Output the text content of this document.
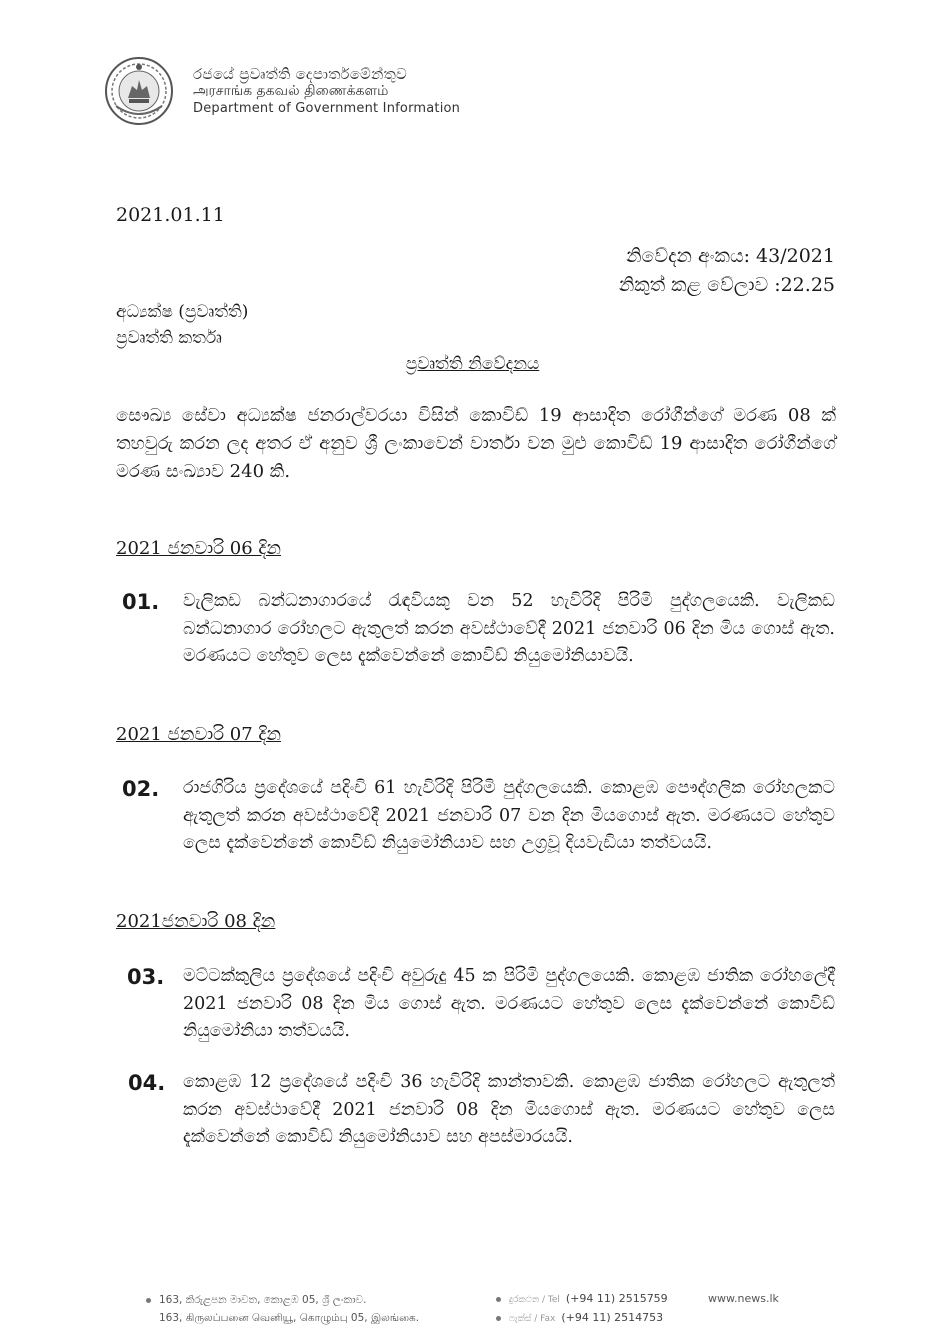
රජයේ ප්‍රවෘත්ති දෙපාර්තමේන්තුව
அரசாங்க தகவல் திணைக்களம்
Department of Government Information
2021.01.11
නිවේදන අංකය: 43/2021
නිකුත් කළ වේලාව :22.25
අධ්‍යක්ෂ (ප්‍රවෘත්ති)
ප්‍රවෘත්ති කර්තෘ
ප්‍රවෘත්ති නිවේදනය
සෞඛ්‍ය සේවා අධ්‍යක්ෂ ජනරාල්වරයා විසින් කොවිඩ් 19 ආසාදිත රෝගීන්ගේ මරණ 08 ක් තහවුරු කරන ලද අතර ඒ අනුව ශ්‍රී ලංකාවෙන් වාර්තා වන මුළු කොවිඩ් 19 ආසාදිත රෝගීන්ගේ මරණ සංඛ්‍යාව 240 කි.
2021 ජනවාරි 06 දින
01. වැලිකඩ බන්ධනාගාරයේ රැඳවියකු වන 52 හැවිරිදි පිරිමි පුද්ගලයෙකි. වැලිකඩ බන්ධනාගාර රෝහලට ඇතුලත් කරන අවස්ථාවේදී 2021 ජනවාරි 06 දින මිය ගොස් ඇත. මරණයට හේතුව ලෙස දැක්වෙන්නේ කොවිඩ් නියුමෝනියාවයි.
2021 ජනවාරි 07 දින
02. රාජගිරිය ප්‍රදේශයේ පදිංචි 61 හැවිරිදි පිරිමි පුද්ගලයෙකි. කොළඹ පෞද්ගලික රෝහලකට ඇතුලත් කරන අවස්ථාවේදී 2021 ජනවාරි 07 වන දින මියගොස් ඇත. මරණයට හේතුව ලෙස දැක්වෙන්නේ කොවිඩ් නියුමෝනියාව සහ උග්‍රවූ දියවැඩියා තත්වයයි.
2021ජනවාරි 08 දින
03. මට්ටක්කුලිය ප්‍රදේශයේ පදිංචි අවුරුදු 45 ක පිරිමි පුද්ගලයෙකි. කොළඹ ජාතික රෝහලේදී 2021 ජනවාරි 08 දින මිය ගොස් ඇත. මරණයට හේතුව ලෙස දැක්වෙන්නේ කොවිඩ් නියුමෝනියා තත්වයයි.
04. කොළඹ 12 ප්‍රදේශයේ පදිංචි 36 හැවිරිදි කාන්තාවකි. කොළඹ ජාතික රෝහලට ඇතුලත් කරන අවස්ථාවේදී 2021 ජනවාරි 08 දින මියගොස් ඇත. මරණයට හේතුව ලෙස දැක්වෙන්නේ කොවිඩ් නියුමෝනියාව සහ අපස්මාරයයි.
163, කිරුළපන මාවත, කොළඹ 05, ශ්‍රී ලංකාව.
163, கிருலப்பனை வெனியூ, கொழும்பு 05, இலங்கை.
දුරකථන / Tel (+94 11) 2515759
ෆැක්ස් / Fax (+94 11) 2514753
www.news.lk
